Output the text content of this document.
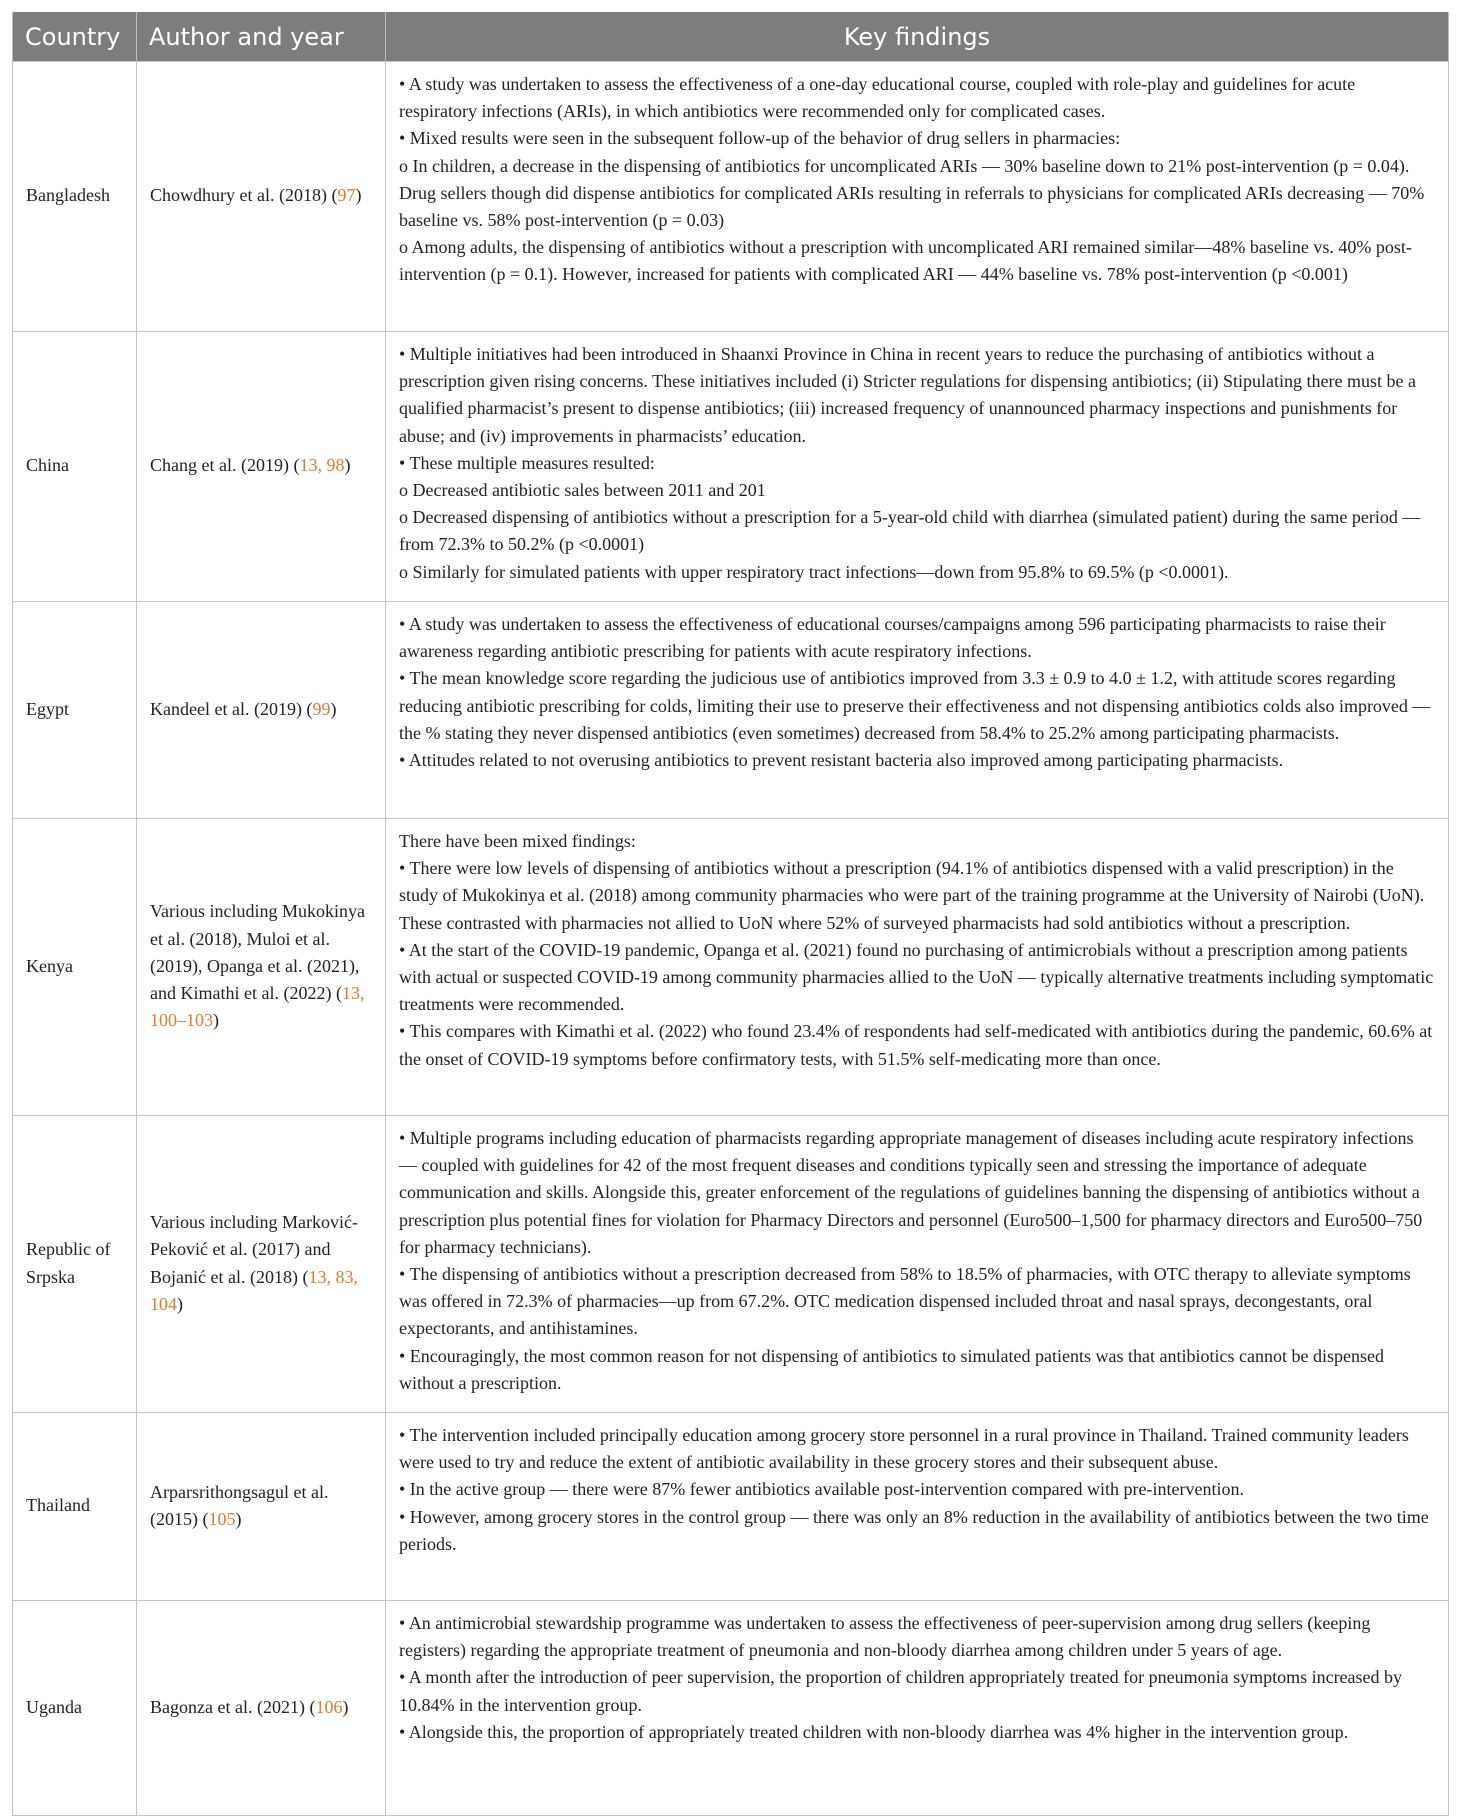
Country	Author and year	Key findings
Bangladesh	Chowdhury et al. (2018) (97)	• A study was undertaken to assess the effectiveness of a one-day educational course, coupled with role-play and guidelines for acute respiratory infections (ARIs), in which antibiotics were recommended only for complicated cases.
• Mixed results were seen in the subsequent follow-up of the behavior of drug sellers in pharmacies:
o In children, a decrease in the dispensing of antibiotics for uncomplicated ARIs — 30% baseline down to 21% post-intervention (p = 0.04). Drug sellers though did dispense antibiotics for complicated ARIs resulting in referrals to physicians for complicated ARIs decreasing — 70% baseline vs. 58% post-intervention (p = 0.03)
o Among adults, the dispensing of antibiotics without a prescription with uncomplicated ARI remained similar—48% baseline vs. 40% post-intervention (p = 0.1). However, increased for patients with complicated ARI — 44% baseline vs. 78% post-intervention (p <0.001)

China	Chang et al. (2019) (13, 98)	• Multiple initiatives had been introduced in Shaanxi Province in China in recent years to reduce the purchasing of antibiotics without a prescription given rising concerns. These initiatives included (i) Stricter regulations for dispensing antibiotics; (ii) Stipulating there must be a qualified pharmacist’s present to dispense antibiotics; (iii) increased frequency of unannounced pharmacy inspections and punishments for abuse; and (iv) improvements in pharmacists’ education.
• These multiple measures resulted:
o Decreased antibiotic sales between 2011 and 201
o Decreased dispensing of antibiotics without a prescription for a 5-year-old child with diarrhea (simulated patient) during the same period — from 72.3% to 50.2% (p <0.0001)
o Similarly for simulated patients with upper respiratory tract infections—down from 95.8% to 69.5% (p <0.0001).

Egypt	Kandeel et al. (2019) (99)	• A study was undertaken to assess the effectiveness of educational courses/campaigns among 596 participating pharmacists to raise their awareness regarding antibiotic prescribing for patients with acute respiratory infections.
• The mean knowledge score regarding the judicious use of antibiotics improved from 3.3 ± 0.9 to 4.0 ± 1.2, with attitude scores regarding reducing antibiotic prescribing for colds, limiting their use to preserve their effectiveness and not dispensing antibiotics colds also improved — the % stating they never dispensed antibiotics (even sometimes) decreased from 58.4% to 25.2% among participating pharmacists.
• Attitudes related to not overusing antibiotics to prevent resistant bacteria also improved among participating pharmacists.

Kenya	Various including Mukokinya et al. (2018), Muloi et al. (2019), Opanga et al. (2021), and Kimathi et al. (2022) (13, 100–103)	There have been mixed findings:
• There were low levels of dispensing of antibiotics without a prescription (94.1% of antibiotics dispensed with a valid prescription) in the study of Mukokinya et al. (2018) among community pharmacies who were part of the training programme at the University of Nairobi (UoN). These contrasted with pharmacies not allied to UoN where 52% of surveyed pharmacists had sold antibiotics without a prescription.
• At the start of the COVID-19 pandemic, Opanga et al. (2021) found no purchasing of antimicrobials without a prescription among patients with actual or suspected COVID-19 among community pharmacies allied to the UoN — typically alternative treatments including symptomatic treatments were recommended.
• This compares with Kimathi et al. (2022) who found 23.4% of respondents had self-medicated with antibiotics during the pandemic, 60.6% at the onset of COVID-19 symptoms before confirmatory tests, with 51.5% self-medicating more than once.

Republic of Srpska	Various including Marković-Peković et al. (2017) and Bojanić et al. (2018) (13, 83, 104)	• Multiple programs including education of pharmacists regarding appropriate management of diseases including acute respiratory infections — coupled with guidelines for 42 of the most frequent diseases and conditions typically seen and stressing the importance of adequate communication and skills. Alongside this, greater enforcement of the regulations of guidelines banning the dispensing of antibiotics without a prescription plus potential fines for violation for Pharmacy Directors and personnel (Euro500–1,500 for pharmacy directors and Euro500–750 for pharmacy technicians).
• The dispensing of antibiotics without a prescription decreased from 58% to 18.5% of pharmacies, with OTC therapy to alleviate symptoms was offered in 72.3% of pharmacies—up from 67.2%. OTC medication dispensed included throat and nasal sprays, decongestants, oral expectorants, and antihistamines.
• Encouragingly, the most common reason for not dispensing of antibiotics to simulated patients was that antibiotics cannot be dispensed without a prescription.

Thailand	Arparsrithongsagul et al. (2015) (105)	• The intervention included principally education among grocery store personnel in a rural province in Thailand. Trained community leaders were used to try and reduce the extent of antibiotic availability in these grocery stores and their subsequent abuse.
• In the active group — there were 87% fewer antibiotics available post-intervention compared with pre-intervention.
• However, among grocery stores in the control group — there was only an 8% reduction in the availability of antibiotics between the two time periods.

Uganda	Bagonza et al. (2021) (106)	• An antimicrobial stewardship programme was undertaken to assess the effectiveness of peer-supervision among drug sellers (keeping registers) regarding the appropriate treatment of pneumonia and non-bloody diarrhea among children under 5 years of age.
• A month after the introduction of peer supervision, the proportion of children appropriately treated for pneumonia symptoms increased by 10.84% in the intervention group.
• Alongside this, the proportion of appropriately treated children with non-bloody diarrhea was 4% higher in the intervention group.
